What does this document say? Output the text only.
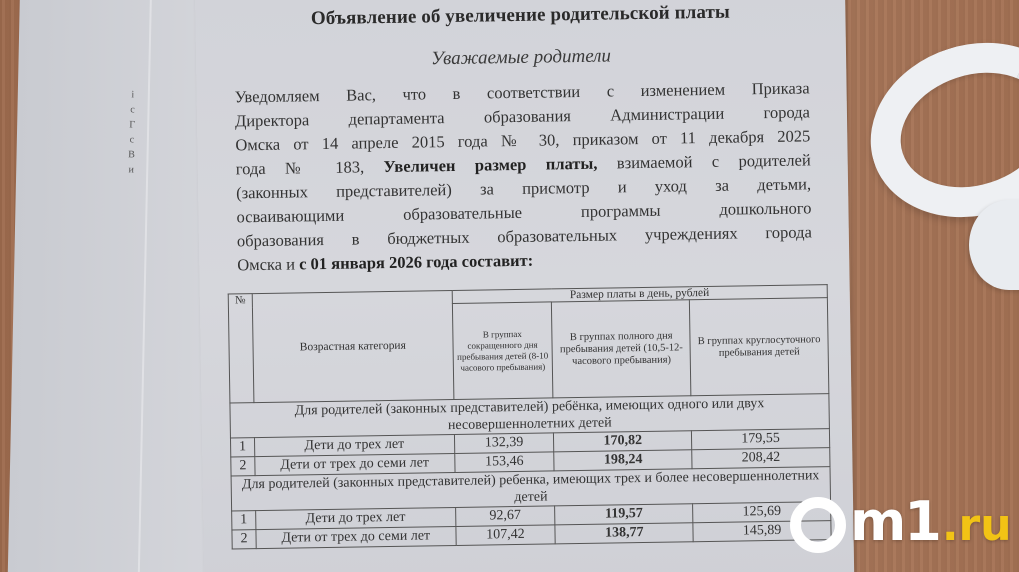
і
с
Г
с
В
и
Объявление об увеличение родительской платы
Уважаемые родители
Уведомляем Вас, что в соответствии с изменением Приказа
Директора департамента образования Администрации города
Омска от 14 апреле 2015 года № 30, приказом от 11 декабря 2025
года № 183, Увеличен размер платы, взимаемой с родителей
(законных представителей) за присмотр и уход за детьми,
осваивающими образовательные программы дошкольного
образования в бюджетных образовательных учреждениях города
Омска и с 01 января 2026 года составит:
№	Возрастная категория	Размер платы в день, рублей		
		В группах сокращенного дня пребывания детей (8-10 часового пребывания)	В группах полного дня пребывания детей (10,5-12-часового пребывания)	В группах круглосуточного пребывания детей
Для родителей (законных представителей) ребёнка, имеющих одного или двух несовершеннолетних детей				
1	Дети до трех лет	132,39	170,82	179,55
2	Дети от трех до семи лет	153,46	198,24	208,42
Для родителей (законных представителей) ребенка, имеющих трех и более несовершеннолетних детей				
1	Дети до трех лет	92,67	119,57	125,69
2	Дети от трех до семи лет	107,42	138,77	145,89 m1 .ru
